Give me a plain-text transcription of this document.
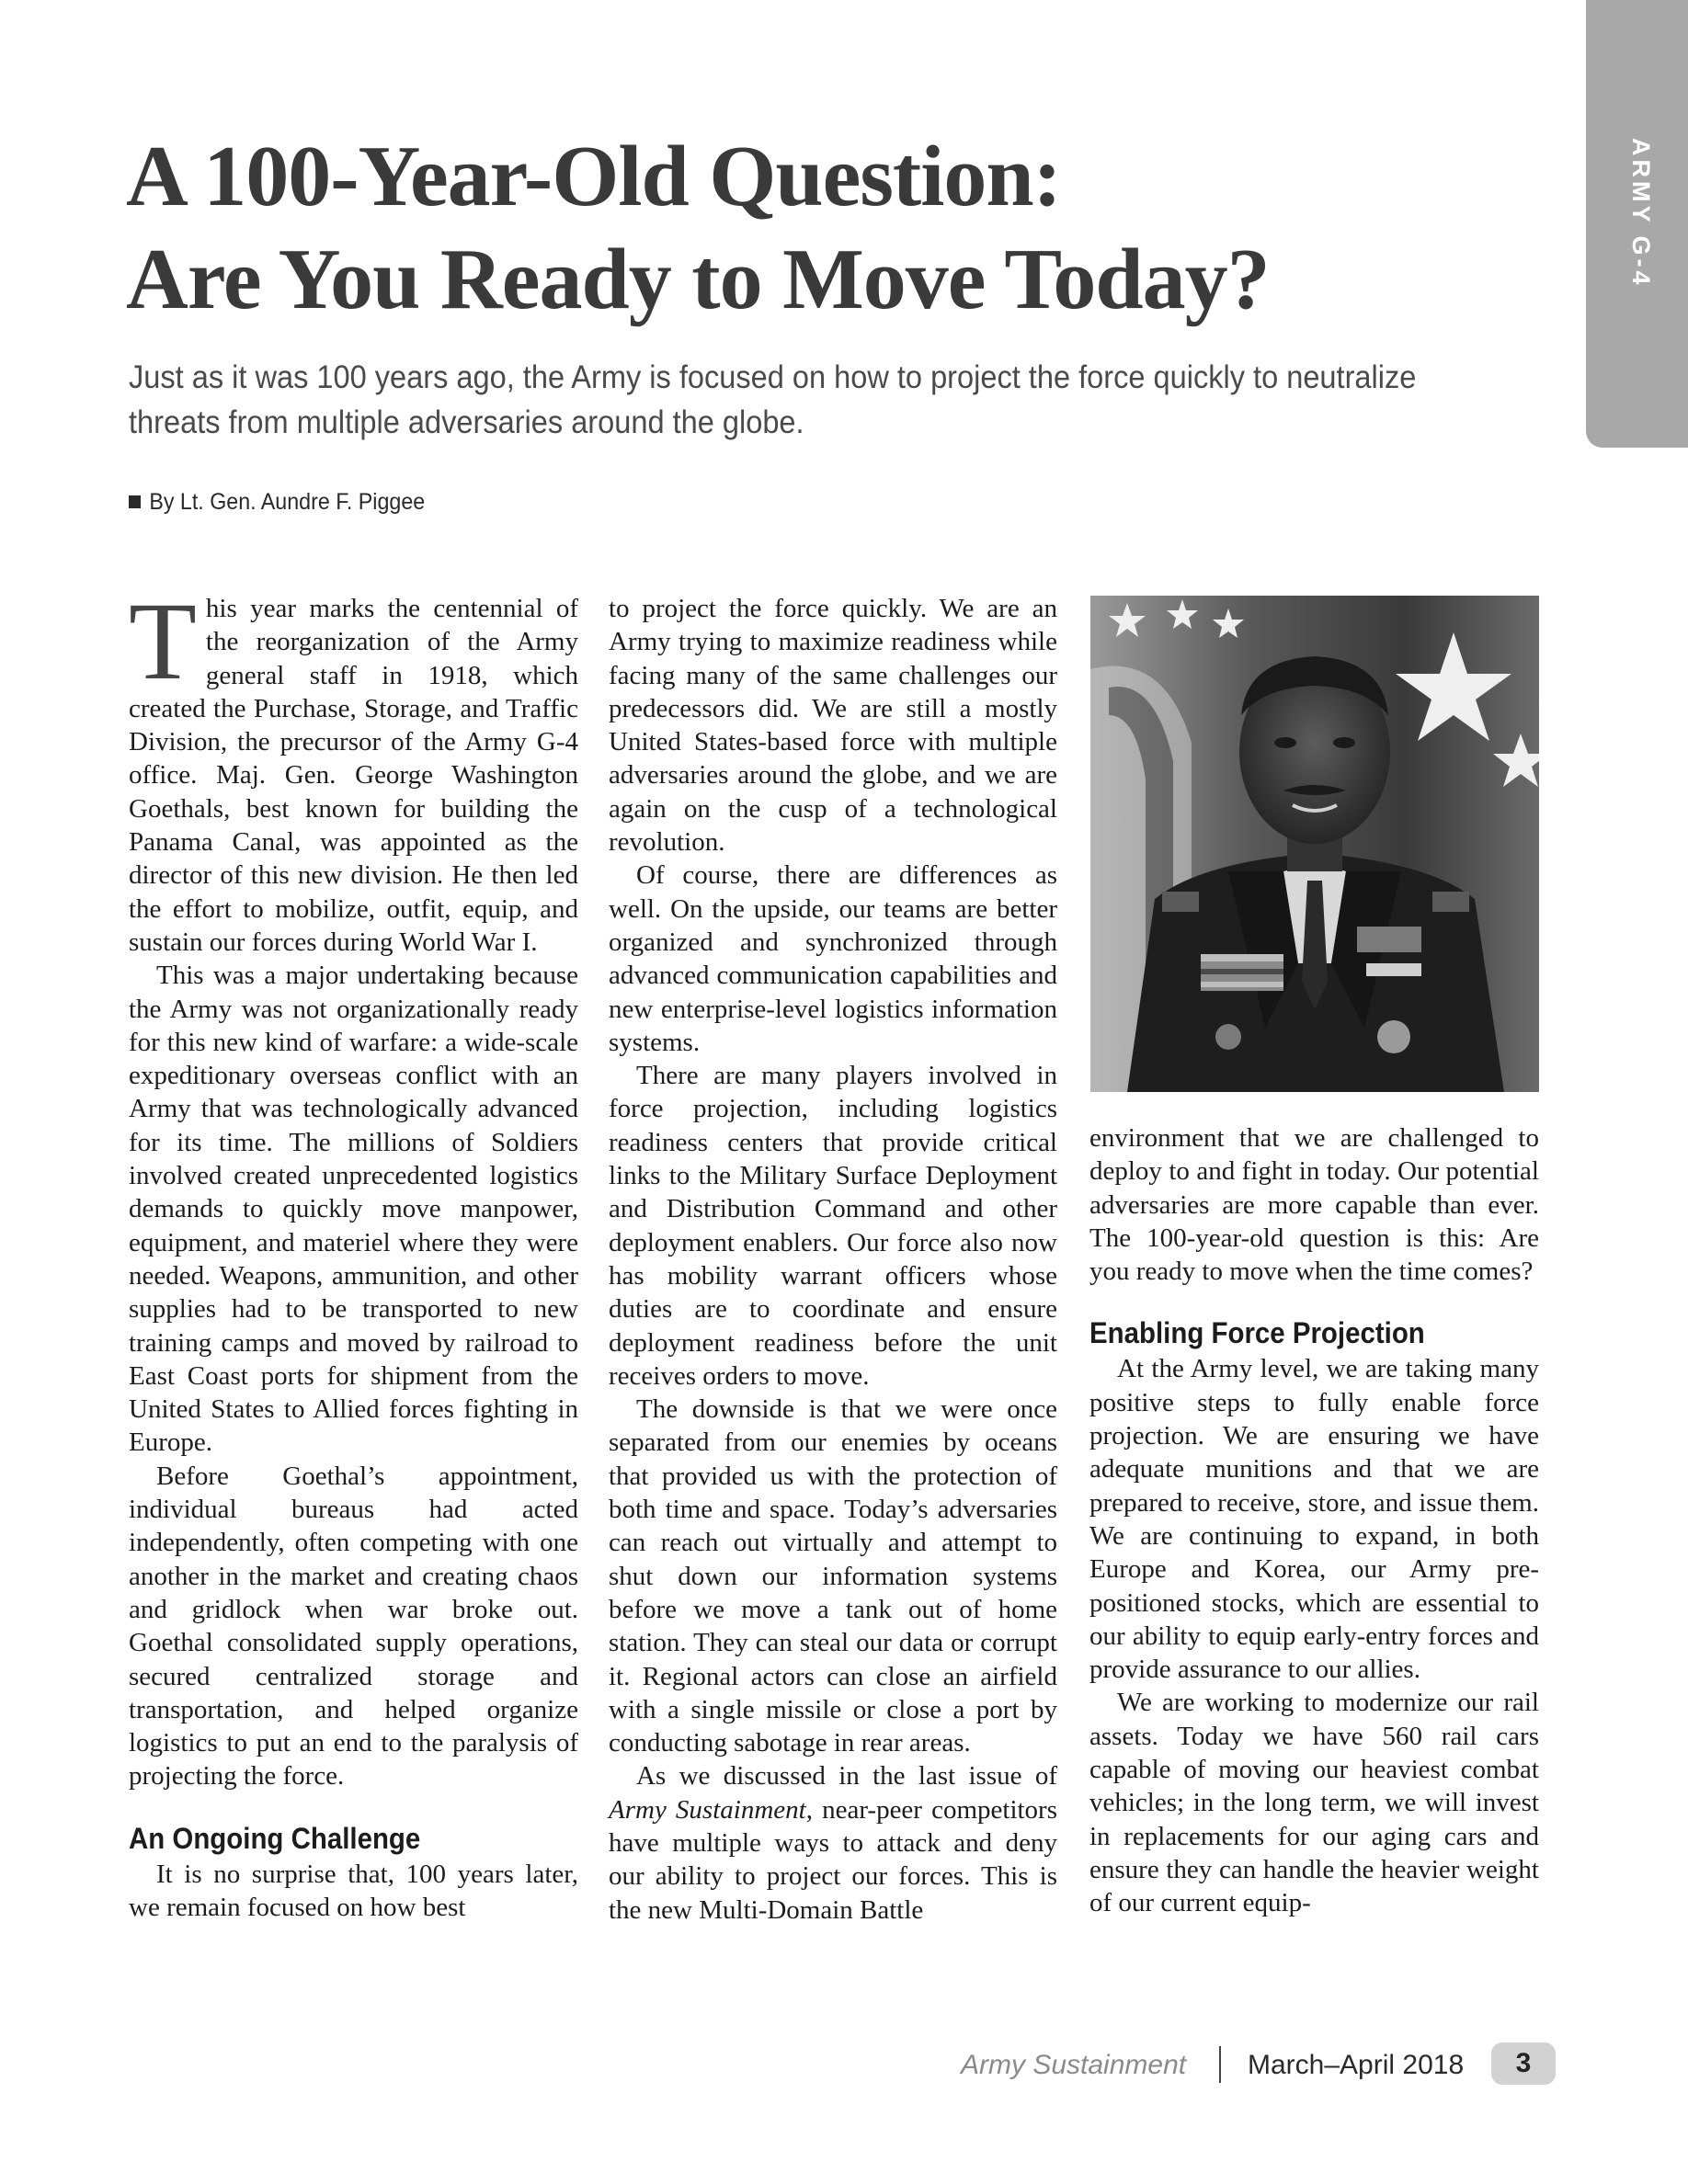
ARMY G-4
A 100-Year-Old Question:
Are You Ready to Move Today?

Just as it was 100 years ago, the Army is focused on how to project the force quickly to neutralize threats from multiple adversaries around the globe.

By Lt. Gen. Aundre F. Piggee

This year marks the centennial of the reorganization of the Army general staff in 1918, which created the Purchase, Storage, and Traffic Division, the precursor of the Army G-4 office. Maj. Gen. George Washington Goethals, best known for building the Panama Canal, was appointed as the director of this new division. He then led the effort to mobilize, outfit, equip, and sustain our forces during World War I.

This was a major undertaking because the Army was not organizationally ready for this new kind of warfare: a wide-scale expeditionary overseas conflict with an Army that was technologically advanced for its time. The millions of Soldiers involved created unprecedented logistics demands to quickly move manpower, equipment, and materiel where they were needed. Weapons, ammunition, and other supplies had to be transported to new training camps and moved by railroad to East Coast ports for shipment from the United States to Allied forces fighting in Europe.

Before Goethal’s appointment, individual bureaus had acted independently, often competing with one another in the market and creating chaos and gridlock when war broke out. Goethal consolidated supply operations, secured centralized storage and transportation, and helped organize logistics to put an end to the paralysis of projecting the force.

An Ongoing Challenge

It is no surprise that, 100 years later, we remain focused on how best

to project the force quickly. We are an Army trying to maximize readiness while facing many of the same challenges our predecessors did. We are still a mostly United States-based force with multiple adversaries around the globe, and we are again on the cusp of a technological revolution.

Of course, there are differences as well. On the upside, our teams are better organized and synchronized through advanced communication capabilities and new enterprise-level logistics information systems.

There are many players involved in force projection, including logistics readiness centers that provide critical links to the Military Surface Deployment and Distribution Command and other deployment enablers. Our force also now has mobility warrant officers whose duties are to coordinate and ensure deployment readiness before the unit receives orders to move.

The downside is that we were once separated from our enemies by oceans that provided us with the protection of both time and space. Today’s adversaries can reach out virtually and attempt to shut down our information systems before we move a tank out of home station. They can steal our data or corrupt it. Regional actors can close an airfield with a single missile or close a port by conducting sabotage in rear areas.

As we discussed in the last issue of Army Sustainment, near-peer competitors have multiple ways to attack and deny our ability to project our forces. This is the new Multi-Domain Battle

environment that we are challenged to deploy to and fight in today. Our potential adversaries are more capable than ever. The 100-year-old question is this: Are you ready to move when the time comes?

Enabling Force Projection

At the Army level, we are taking many positive steps to fully enable force projection. We are ensuring we have adequate munitions and that we are prepared to receive, store, and issue them. We are continuing to expand, in both Europe and Korea, our Army pre-positioned stocks, which are essential to our ability to equip early-entry forces and provide assurance to our allies.

We are working to modernize our rail assets. Today we have 560 rail cars capable of moving our heaviest combat vehicles; in the long term, we will invest in replacements for our aging cars and ensure they can handle the heavier weight of our current equip-

Army Sustainment March–April 2018	3
